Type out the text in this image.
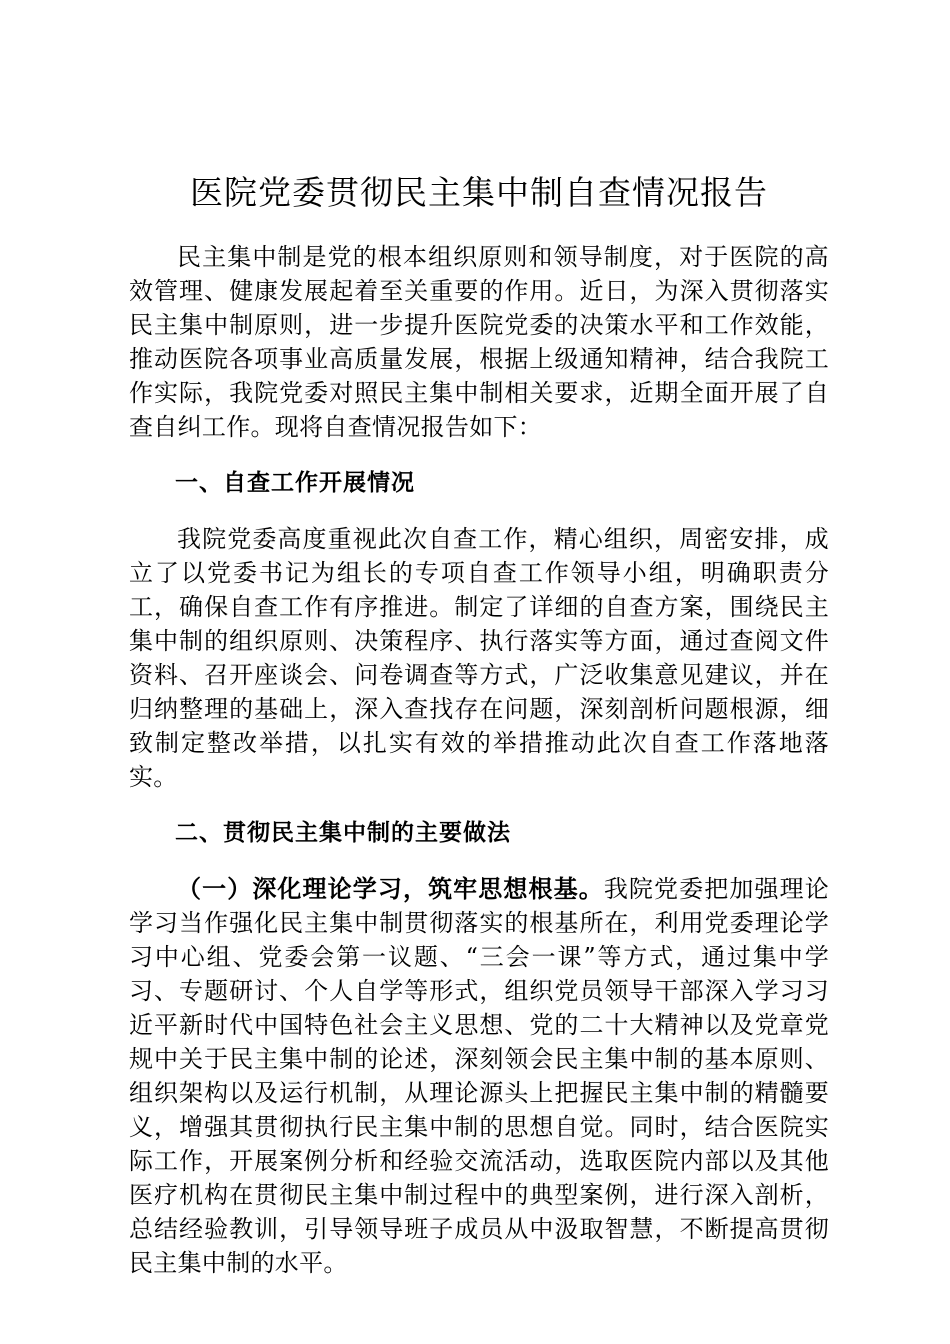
医院党委贯彻民主集中制自查情况报告

民主集中制是党的根本组织原则和领导制度，对于医院的高效管理、健康发展起着至关重要的作用。近日，为深入贯彻落实民主集中制原则，进一步提升医院党委的决策水平和工作效能，推动医院各项事业高质量发展，根据上级通知精神，结合我院工作实际，我院党委对照民主集中制相关要求，近期全面开展了自查自纠工作。现将自查情况报告如下：

一、自查工作开展情况

我院党委高度重视此次自查工作，精心组织，周密安排，成立了以党委书记为组长的专项自查工作领导小组，明确职责分工，确保自查工作有序推进。制定了详细的自查方案，围绕民主集中制的组织原则、决策程序、执行落实等方面，通过查阅文件资料、召开座谈会、问卷调查等方式，广泛收集意见建议，并在归纳整理的基础上，深入查找存在问题，深刻剖析问题根源，细致制定整改举措，以扎实有效的举措推动此次自查工作落地落实。

二、贯彻民主集中制的主要做法

（一）深化理论学习，筑牢思想根基。我院党委把加强理论学习当作强化民主集中制贯彻落实的根基所在，利用党委理论学习中心组、党委会第一议题、“三会一课”等方式，通过集中学习、专题研讨、个人自学等形式，组织党员领导干部深入学习习近平新时代中国特色社会主义思想、党的二十大精神以及党章党规中关于民主集中制的论述，深刻领会民主集中制的基本原则、组织架构以及运行机制，从理论源头上把握民主集中制的精髓要义，增强其贯彻执行民主集中制的思想自觉。同时，结合医院实际工作，开展案例分析和经验交流活动，选取医院内部以及其他医疗机构在贯彻民主集中制过程中的典型案例，进行深入剖析，总结经验教训，引导领导班子成员从中汲取智慧，不断提高贯彻民主集中制的水平。
